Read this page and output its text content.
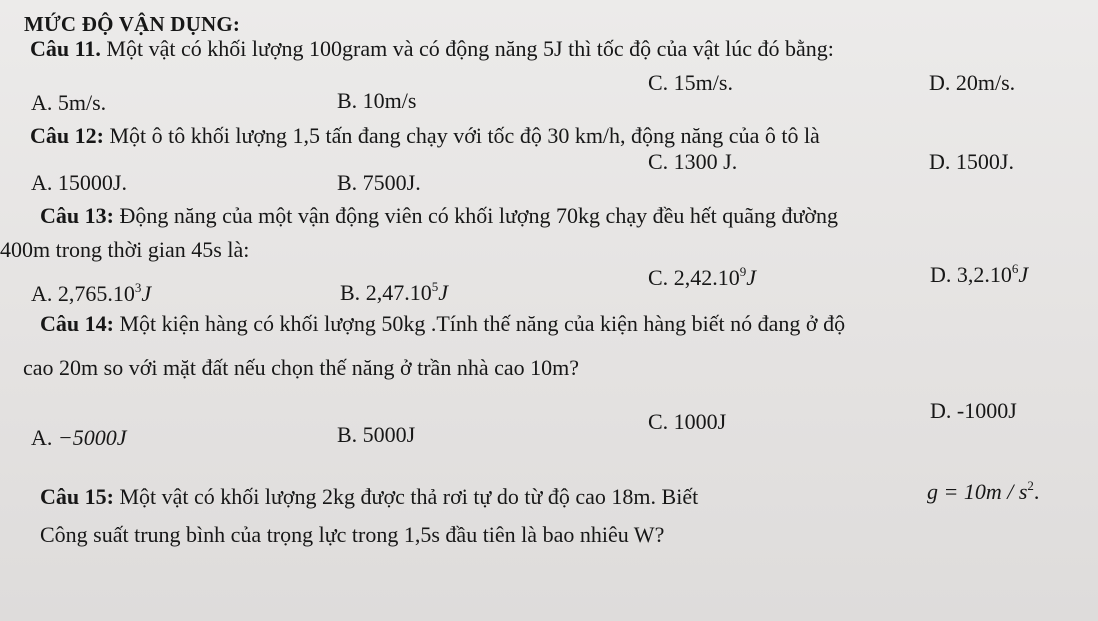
MỨC ĐỘ VẬN DỤNG:
Câu 11. Một vật có khối lượng 100gram và có động năng 5J thì tốc độ của vật lúc đó bằng:
C. 15m/s.	D. 20m/s.
A. 5m/s.	B. 10m/s
Câu 12: Một ô tô khối lượng 1,5 tấn đang chạy với tốc độ 30 km/h, động năng của ô tô là
C. 1300 J.	D. 1500J.
A. 15000J.	B. 7500J.
Câu 13: Động năng của một vận động viên có khối lượng 70kg chạy đều hết quãng đường
400m trong thời gian 45s là:
A. 2,765.10$^3$J	B. 2,47.10$^5$J
C. 2,42.10$^9$J	D. 3,2.10$^6$J
Câu 14: Một kiện hàng có khối lượng 50kg .Tính thế năng của kiện hàng biết nó đang ở độ
cao 20m so với mặt đất nếu chọn thế năng ở trần nhà cao 10m?
A. −5000J	B. 5000J
C. 1000J	D. -1000J
Câu 15: Một vật có khối lượng 2kg được thả rơi tự do từ độ cao 18m. Biết	$g = 10m / s^2$.
Công suất trung bình của trọng lực trong 1,5s đầu tiên là bao nhiêu W?
